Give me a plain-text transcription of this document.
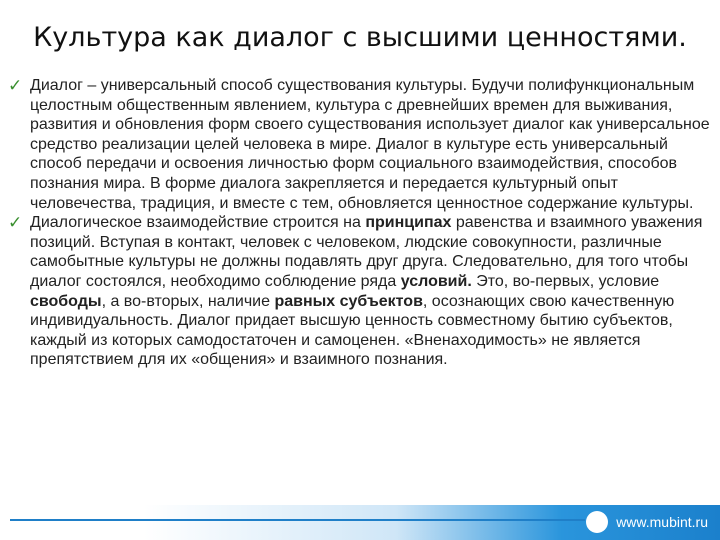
Культура как диалог с высшими ценностями.
✓ Диалог – универсальный способ существования культуры. Будучи полифункциональным целостным общественным явлением, культура с древнейших времен для выживания, развития и обновления форм своего существования использует диалог как универсальное средство реализации целей человека в мире. Диалог в культуре есть универсальный способ передачи и освоения личностью форм социального взаимодействия, способов познания мира. В форме диалога закрепляется и передается культурный опыт человечества, традиция, и вместе с тем, обновляется ценностное содержание культуры.
✓ Диалогическое взаимодействие строится на принципах равенства и взаимного уважения позиций. Вступая в контакт, человек с человеком, людские совокупности, различные самобытные культуры не должны подавлять друг друга. Следовательно, для того чтобы диалог состоялся, необходимо соблюдение ряда условий. Это, во-первых, условие свободы, а во-вторых, наличие равных субъектов, осознающих свою качественную индивидуальность. Диалог придает высшую ценность совместному бытию субъектов, каждый из которых самодостаточен и самоценен. «Вненаходимость» не является препятствием для их «общения» и взаимного познания.
www.mubint.ru
